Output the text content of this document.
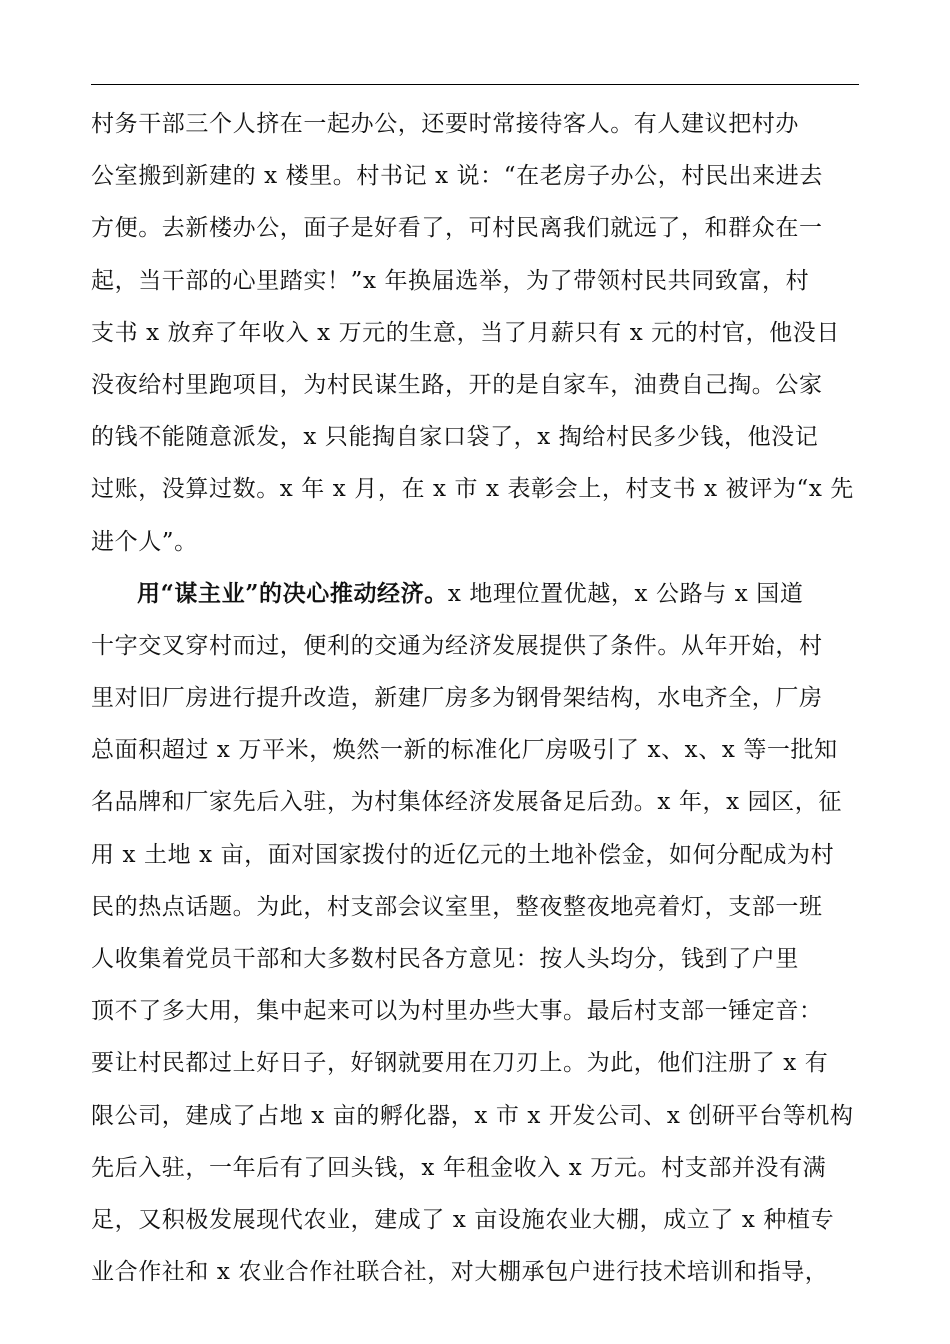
村务干部三个人挤在一起办公，还要时常接待客人。有人建议把村办
公室搬到新建的 x 楼里。村书记 x 说：“在老房子办公，村民出来进去
方便。去新楼办公，面子是好看了，可村民离我们就远了，和群众在一
起，当干部的心里踏实！”x 年换届选举，为了带领村民共同致富，村
支书 x 放弃了年收入 x 万元的生意，当了月薪只有 x 元的村官，他没日
没夜给村里跑项目，为村民谋生路，开的是自家车，油费自己掏。公家
的钱不能随意派发，x 只能掏自家口袋了，x 掏给村民多少钱，他没记
过账，没算过数。x 年 x 月，在 x 市 x 表彰会上，村支书 x 被评为“x 先
进个人”。
用“谋主业”的决心推动经济。x 地理位置优越，x 公路与 x 国道
十字交叉穿村而过，便利的交通为经济发展提供了条件。从年开始，村
里对旧厂房进行提升改造，新建厂房多为钢骨架结构，水电齐全，厂房
总面积超过 x 万平米，焕然一新的标准化厂房吸引了 x、x、x 等一批知
名品牌和厂家先后入驻，为村集体经济发展备足后劲。x 年，x 园区，征
用 x 土地 x 亩，面对国家拨付的近亿元的土地补偿金，如何分配成为村
民的热点话题。为此，村支部会议室里，整夜整夜地亮着灯，支部一班
人收集着党员干部和大多数村民各方意见：按人头均分，钱到了户里
顶不了多大用，集中起来可以为村里办些大事。最后村支部一锤定音：
要让村民都过上好日子，好钢就要用在刀刃上。为此，他们注册了 x 有
限公司，建成了占地 x 亩的孵化器，x 市 x 开发公司、x 创研平台等机构
先后入驻，一年后有了回头钱，x 年租金收入 x 万元。村支部并没有满
足，又积极发展现代农业，建成了 x 亩设施农业大棚，成立了 x 种植专
业合作社和 x 农业合作社联合社，对大棚承包户进行技术培训和指导，
